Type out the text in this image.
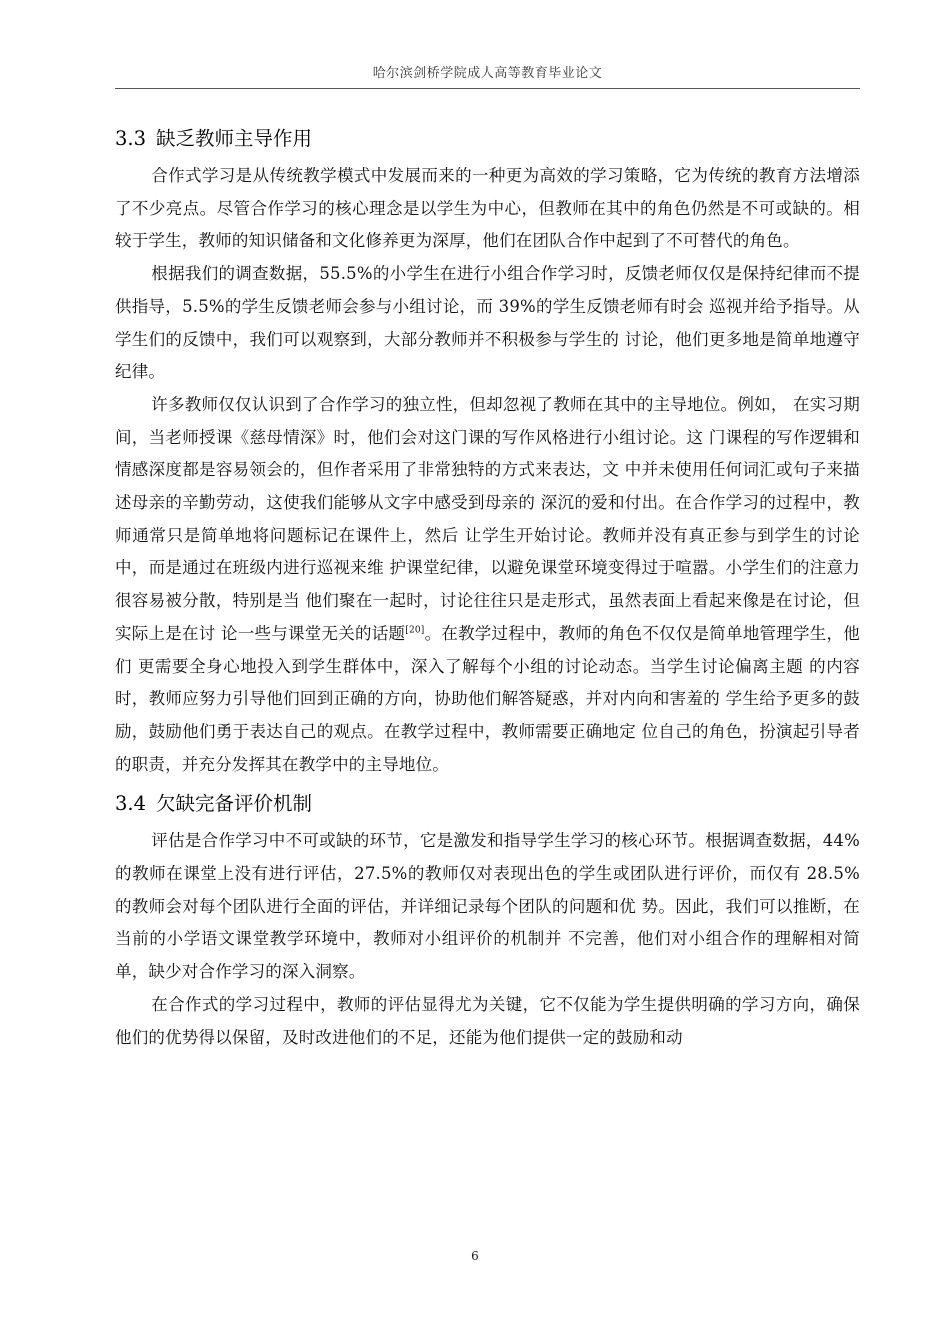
哈尔滨剑桥学院成人高等教育毕业论文
3.3 缺乏教师主导作用

合作式学习是从传统教学模式中发展而来的一种更为高效的学习策略，它为传统的教育方法增添了不少亮点。尽管合作学习的核心理念是以学生为中心，但教师在其中的角色仍然是不可或缺的。相较于学生，教师的知识储备和文化修养更为深厚，他们在团队合作中起到了不可替代的角色。

根据我们的调查数据，55.5%的小学生在进行小组合作学习时，反馈老师仅仅是保持纪律而不提供指导，5.5%的学生反馈老师会参与小组讨论，而 39%的学生反馈老师有时会 巡视并给予指导。从学生们的反馈中，我们可以观察到，大部分教师并不积极参与学生的 讨论，他们更多地是简单地遵守纪律。

许多教师仅仅认识到了合作学习的独立性，但却忽视了教师在其中的主导地位。例如， 在实习期间，当老师授课《慈母情深》时，他们会对这门课的写作风格进行小组讨论。这 门课程的写作逻辑和情感深度都是容易领会的，但作者采用了非常独特的方式来表达，文 中并未使用任何词汇或句子来描述母亲的辛勤劳动，这使我们能够从文字中感受到母亲的 深沉的爱和付出。在合作学习的过程中，教师通常只是简单地将问题标记在课件上，然后 让学生开始讨论。教师并没有真正参与到学生的讨论中，而是通过在班级内进行巡视来维 护课堂纪律，以避免课堂环境变得过于喧嚣。小学生们的注意力很容易被分散，特别是当 他们聚在一起时，讨论往往只是走形式，虽然表面上看起来像是在讨论，但实际上是在讨 论一些与课堂无关的话题[20]。在教学过程中，教师的角色不仅仅是简单地管理学生，他们 更需要全身心地投入到学生群体中，深入了解每个小组的讨论动态。当学生讨论偏离主题 的内容时，教师应努力引导他们回到正确的方向，协助他们解答疑惑，并对内向和害羞的 学生给予更多的鼓励，鼓励他们勇于表达自己的观点。在教学过程中，教师需要正确地定 位自己的角色，扮演起引导者的职责，并充分发挥其在教学中的主导地位。

3.4 欠缺完备评价机制

评估是合作学习中不可或缺的环节，它是激发和指导学生学习的核心环节。根据调查数据，44%的教师在课堂上没有进行评估，27.5%的教师仅对表现出色的学生或团队进行评价，而仅有 28.5%的教师会对每个团队进行全面的评估，并详细记录每个团队的问题和优 势。因此，我们可以推断，在当前的小学语文课堂教学环境中，教师对小组评价的机制并 不完善，他们对小组合作的理解相对简单，缺少对合作学习的深入洞察。

在合作式的学习过程中，教师的评估显得尤为关键，它不仅能为学生提供明确的学习方向，确保他们的优势得以保留，及时改进他们的不足，还能为他们提供一定的鼓励和动

6
